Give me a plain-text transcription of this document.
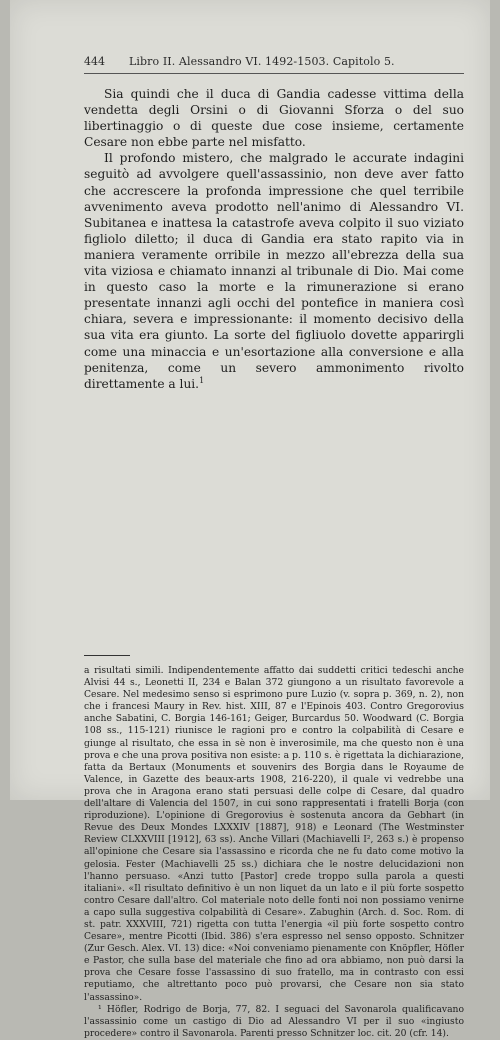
444 Libro II. Alessandro VI. 1492-1503. Capitolo 5.

Sia quindi che il duca di Gandia cadesse vittima della vendetta degli Orsini o di Giovanni Sforza o del suo libertinaggio o di queste due cose insieme, certamente Cesare non ebbe parte nel misfatto.

Il profondo mistero, che malgrado le accurate indagini seguitò ad avvolgere quell'assassinio, non deve aver fatto che accrescere la profonda impressione che quel terribile avvenimento aveva prodotto nell'animo di Alessandro VI. Subitanea e inattesa la catastrofe aveva colpito il suo viziato figliolo diletto; il duca di Gandia era stato rapito via in maniera veramente orribile in mezzo all'ebrezza della sua vita viziosa e chiamato innanzi al tribunale di Dio. Mai come in questo caso la morte e la rimunerazione si erano presentate innanzi agli occhi del pontefice in maniera così chiara, severa e impressionante: il momento decisivo della sua vita era giunto. La sorte del figliuolo dovette apparirgli come una minaccia e un'esortazione alla conversione e alla penitenza, come un severo ammonimento rivolto direttamente a lui.$^1$

a risultati simili. Indipendentemente affatto dai suddetti critici tedeschi anche Alvisi 44 s., Leonetti II, 234 e Balan 372 giungono a un risultato favorevole a Cesare. Nel medesimo senso si esprimono pure Luzio (v. sopra p. 369, n. 2), non che i francesi Maury in Rev. hist. XIII, 87 e l'Epinois 403. Contro Gregorovius anche Sabatini, C. Borgia 146-161; Geiger, Burcardus 50. Woodward (C. Borgia 108 ss., 115-121) riunisce le ragioni pro e contro la colpabilità di Cesare e giunge al risultato, che essa in sè non è inverosimile, ma che questo non è una prova e che una prova positiva non esiste: a p. 110 s. è rigettata la dichiarazione, fatta da Bertaux (Monuments et souvenirs des Borgia dans le Royaume de Valence, in Gazette des beaux-arts 1908, 216-220), il quale vi vedrebbe una prova che in Aragona erano stati persuasi delle colpe di Cesare, dal quadro dell'altare di Valencia del 1507, in cui sono rappresentati i fratelli Borja (con riproduzione). L'opinione di Gregorovius è sostenuta ancora da Gebhart (in Revue des Deux Mondes LXXXIV [1887], 918) e Leonard (The Westminster Review CLXXVIII [1912], 63 ss). Anche Villari (Machiavelli I², 263 s.) è propenso all'opinione che Cesare sia l'assassino e ricorda che ne fu dato come motivo la gelosia. Fester (Machiavelli 25 ss.) dichiara che le nostre delucidazioni non l'hanno persuaso. «Anzi tutto [Pastor] crede troppo sulla parola a questi italiani». «Il risultato definitivo è un non liquet da un lato e il più forte sospetto contro Cesare dall'altro. Col materiale noto delle fonti noi non possiamo venirne a capo sulla suggestiva colpabilità di Cesare». Zabughin (Arch. d. Soc. Rom. di st. patr. XXXVIII, 721) rigetta con tutta l'energia «il più forte sospetto contro Cesare», mentre Picotti (Ibid. 386) s'era espresso nel senso opposto. Schnitzer (Zur Gesch. Alex. VI. 13) dice: «Noi conveniamo pienamente con Knöpfler, Höfler e Pastor, che sulla base del materiale che fino ad ora abbiamo, non può darsi la prova che Cesare fosse l'assassino di suo fratello, ma in contrasto con essi reputiamo, che altrettanto poco può provarsi, che Cesare non sia stato l'assassino».

¹ Höfler, Rodrigo de Borja, 77, 82. I seguaci del Savonarola qualificavano l'assassinio come un castigo di Dio ad Alessandro VI per il suo «ingiusto procedere» contro il Savonarola. Parenti presso Schnitzer loc. cit. 20 (cfr. 14).
